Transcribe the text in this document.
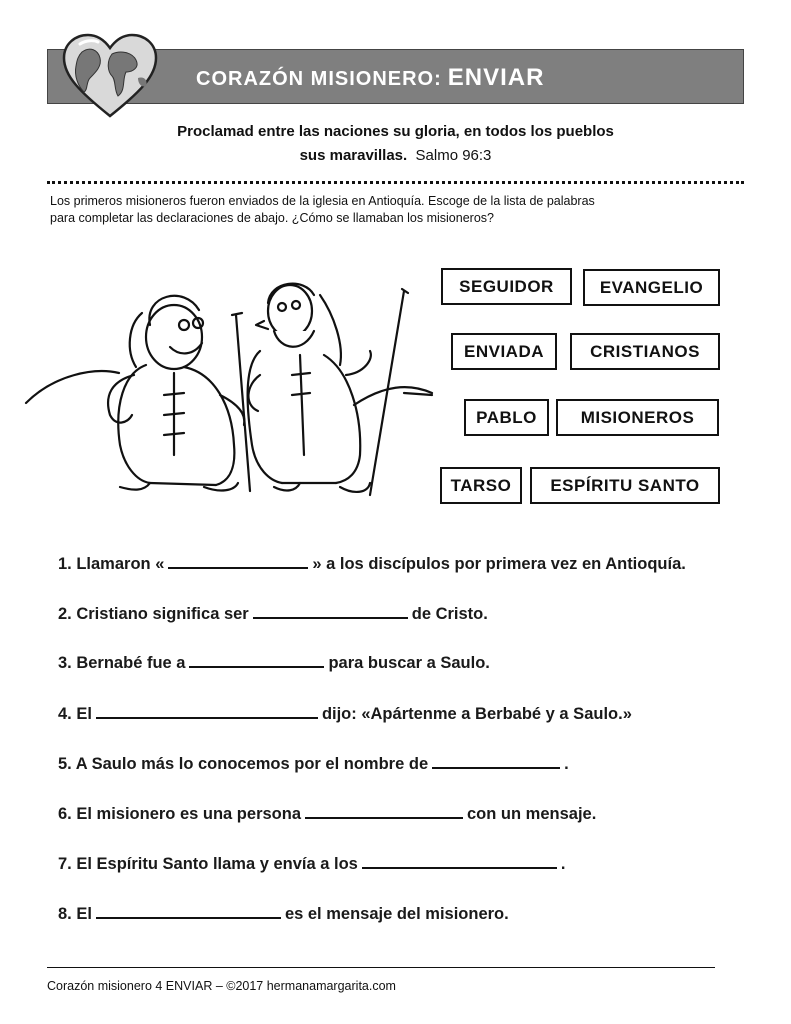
CORAZÓN MISIONERO: ENVIAR
Proclamad entre las naciones su gloria, en todos los pueblos
sus maravillas. Salmo 96:3
Los primeros misioneros fueron enviados de la iglesia en Antioquía. Escoge de la lista de palabras
para completar las declaraciones de abajo. ¿Cómo se llamaban los misioneros?
SEGUIDOR	EVANGELIO
ENVIADA	CRISTIANOS
PABLO	MISIONEROS
TARSO	ESPÍRITU SANTO
1. Llamaron «	» a los discípulos por primera vez en Antioquía.
2. Cristiano significa ser	de Cristo.
3. Bernabé fue a	para buscar a Saulo.
4. El	dijo: «Apártenme a Berbabé y a Saulo.»
5. A Saulo más lo conocemos por el nombre de	.
6. El misionero es una persona	con un mensaje.
7. El Espíritu Santo llama y envía a los	.
8. El	es el mensaje del misionero.
Corazón misionero 4 ENVIAR – ©2017 hermanamargarita.com
